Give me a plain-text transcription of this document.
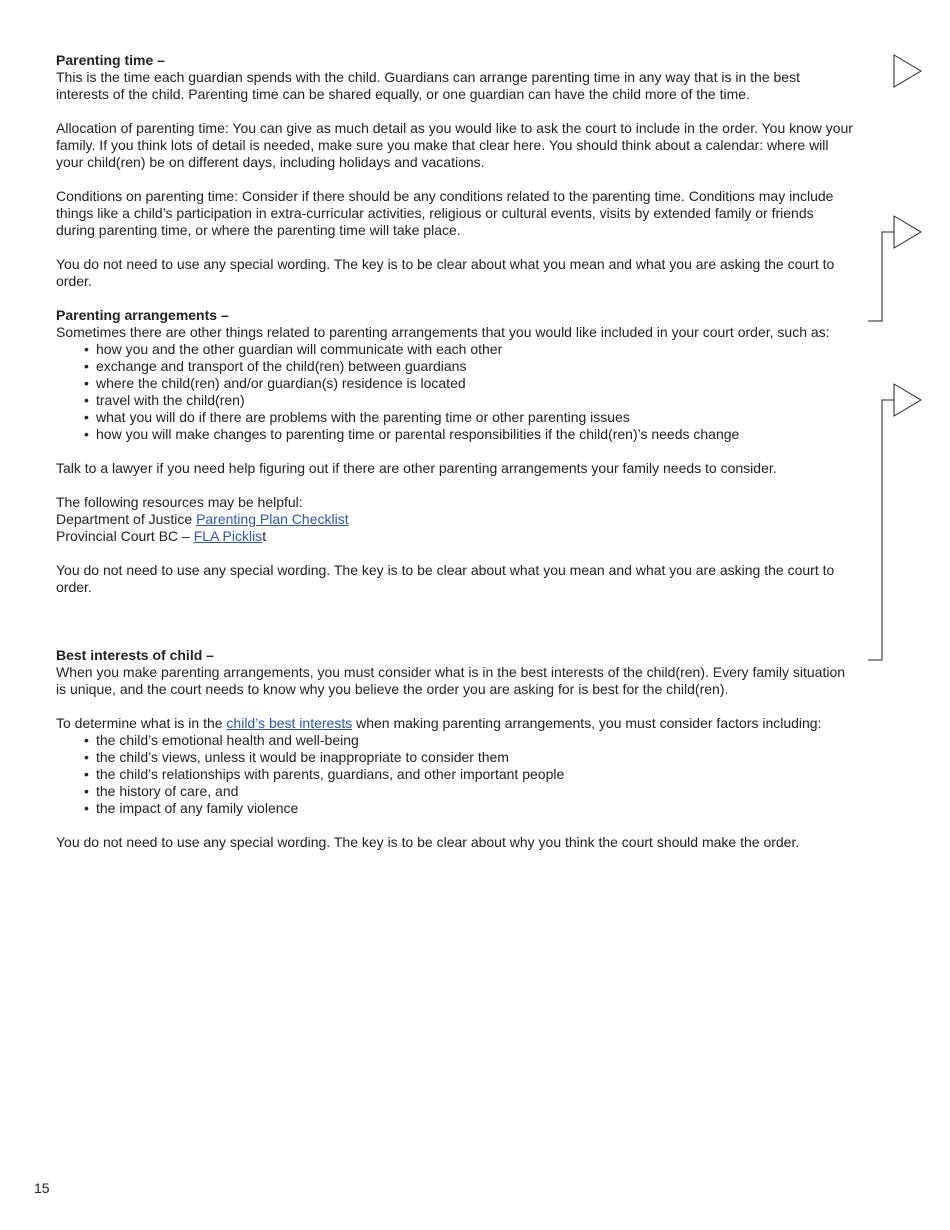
Parenting time –

This is the time each guardian spends with the child. Guardians can arrange parenting time in any way that is in the best interests of the child. Parenting time can be shared equally, or one guardian can have the child more of the time.

Allocation of parenting time: You can give as much detail as you would like to ask the court to include in the order. You know your family. If you think lots of detail is needed, make sure you make that clear here. You should think about a calendar: where will your child(ren) be on different days, including holidays and vacations.

Conditions on parenting time: Consider if there should be any conditions related to the parenting time. Conditions may include things like a child’s participation in extra-curricular activities, religious or cultural events, visits by extended family or friends during parenting time, or where the parenting time will take place.

You do not need to use any special wording. The key is to be clear about what you mean and what you are asking the court to order.

Parenting arrangements –

Sometimes there are other things related to parenting arrangements that you would like included in your court order, such as:

• how you and the other guardian will communicate with each other
• exchange and transport of the child(ren) between guardians
• where the child(ren) and/or guardian(s) residence is located
• travel with the child(ren)
• what you will do if there are problems with the parenting time or other parenting issues
• how you will make changes to parenting time or parental responsibilities if the child(ren)’s needs change

Talk to a lawyer if you need help figuring out if there are other parenting arrangements your family needs to consider.

The following resources may be helpful:

Department of Justice Parenting Plan Checklist

Provincial Court BC – FLA Picklist

You do not need to use any special wording. The key is to be clear about what you mean and what you are asking the court to order.

Best interests of child –

When you make parenting arrangements, you must consider what is in the best interests of the child(ren). Every family situation is unique, and the court needs to know why you believe the order you are asking for is best for the child(ren).

To determine what is in the child’s best interests when making parenting arrangements, you must consider factors including:

• the child’s emotional health and well-being
• the child’s views, unless it would be inappropriate to consider them
• the child’s relationships with parents, guardians, and other important people
• the history of care, and
• the impact of any family violence

You do not need to use any special wording. The key is to be clear about why you think the court should make the order.

15
